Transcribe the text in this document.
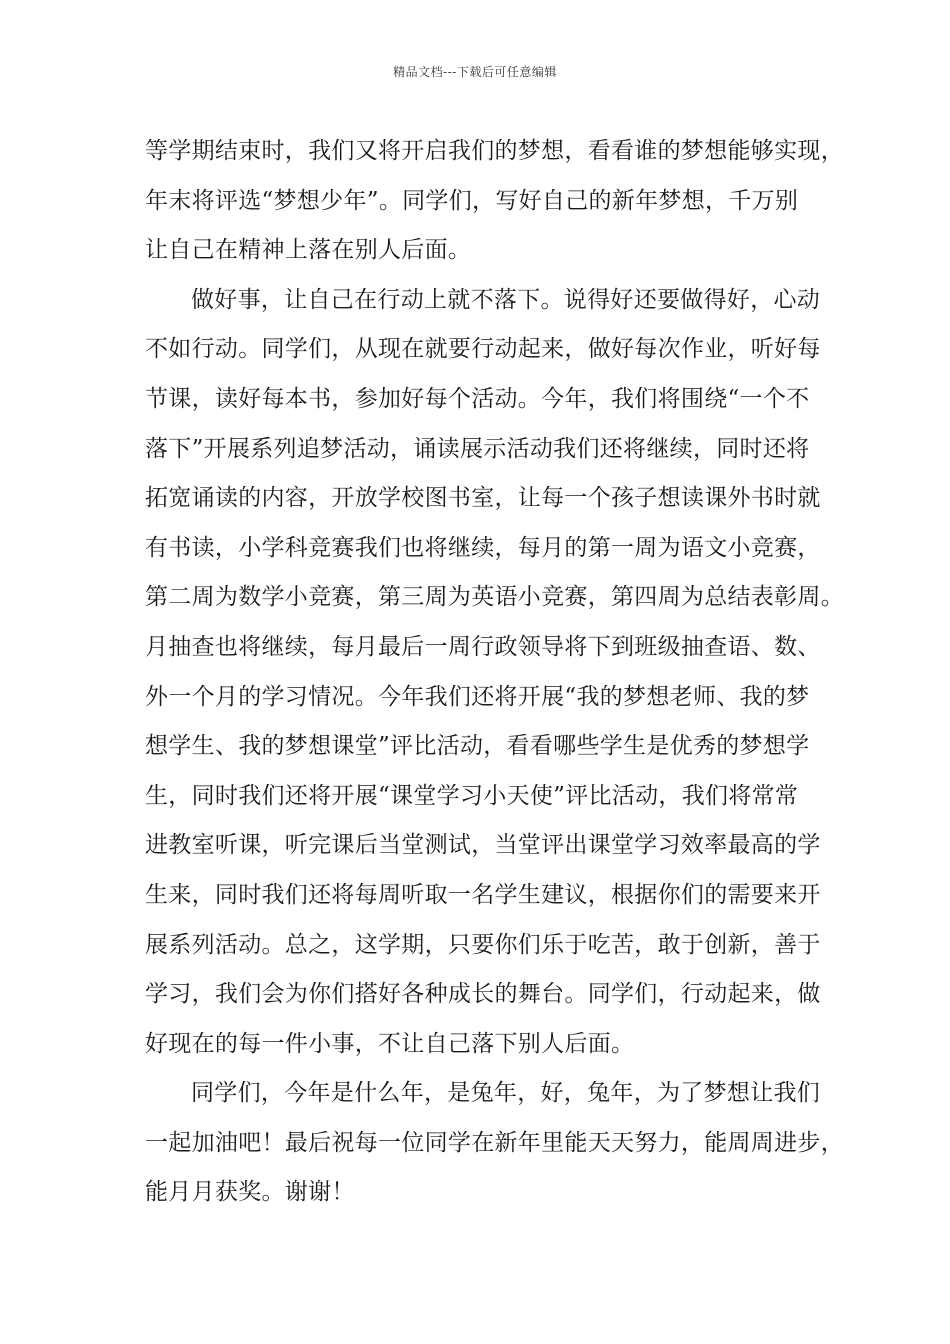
精品文档---下载后可任意编辑
等学期结束时，我们又将开启我们的梦想，看看谁的梦想能够实现，
年末将评选“梦想少年”。同学们，写好自己的新年梦想，千万别
让自己在精神上落在别人后面。
做好事，让自己在行动上就不落下。说得好还要做得好，心动
不如行动。同学们，从现在就要行动起来，做好每次作业，听好每
节课，读好每本书，参加好每个活动。今年，我们将围绕“一个不
落下”开展系列追梦活动，诵读展示活动我们还将继续，同时还将
拓宽诵读的内容，开放学校图书室，让每一个孩子想读课外书时就
有书读，小学科竞赛我们也将继续，每月的第一周为语文小竞赛，
第二周为数学小竞赛，第三周为英语小竞赛，第四周为总结表彰周。
月抽查也将继续，每月最后一周行政领导将下到班级抽查语、数、
外一个月的学习情况。今年我们还将开展“我的梦想老师、我的梦
想学生、我的梦想课堂”评比活动，看看哪些学生是优秀的梦想学
生，同时我们还将开展“课堂学习小天使”评比活动，我们将常常
进教室听课，听完课后当堂测试，当堂评出课堂学习效率最高的学
生来，同时我们还将每周听取一名学生建议，根据你们的需要来开
展系列活动。总之，这学期，只要你们乐于吃苦，敢于创新，善于
学习，我们会为你们搭好各种成长的舞台。同学们，行动起来，做
好现在的每一件小事，不让自己落下别人后面。
同学们，今年是什么年，是兔年，好，兔年，为了梦想让我们
一起加油吧！最后祝每一位同学在新年里能天天努力，能周周进步，
能月月获奖。谢谢！
